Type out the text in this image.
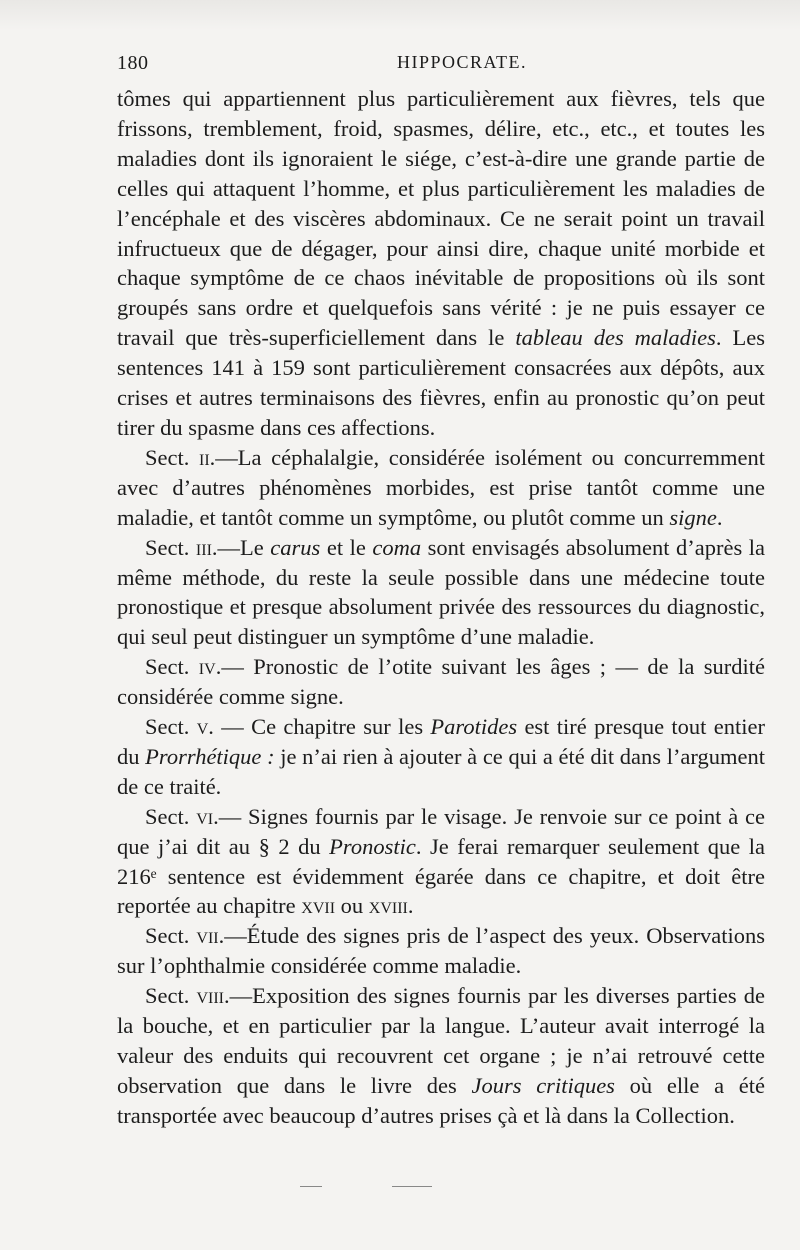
180	HIPPOCRATE.

tômes qui appartiennent plus particulièrement aux fièvres, tels que frissons, tremblement, froid, spasmes, délire, etc., etc., et toutes les maladies dont ils ignoraient le siége, c’est-à-dire une grande partie de celles qui attaquent l’homme, et plus particulièrement les maladies de l’encéphale et des viscères abdominaux. Ce ne serait point un travail infructueux que de dégager, pour ainsi dire, chaque unité morbide et chaque symptôme de ce chaos inévitable de propositions où ils sont groupés sans ordre et quelquefois sans vérité : je ne puis essayer ce travail que très-superficiellement dans le tableau des maladies. Les sentences 141 à 159 sont particulièrement consacrées aux dépôts, aux crises et autres terminaisons des fièvres, enfin au pronostic qu’on peut tirer du spasme dans ces affections.

Sect. ii.—La céphalalgie, considérée isolément ou concurremment avec d’autres phénomènes morbides, est prise tantôt comme une maladie, et tantôt comme un symptôme, ou plutôt comme un signe.

Sect. iii.—Le carus et le coma sont envisagés absolument d’après la même méthode, du reste la seule possible dans une médecine toute pronostique et presque absolument privée des ressources du diagnostic, qui seul peut distinguer un symptôme d’une maladie.

Sect. iv.— Pronostic de l’otite suivant les âges ; — de la surdité considérée comme signe.

Sect. v. — Ce chapitre sur les Parotides est tiré presque tout entier du Prorrhétique : je n’ai rien à ajouter à ce qui a été dit dans l’argument de ce traité.

Sect. vi.— Signes fournis par le visage. Je renvoie sur ce point à ce que j’ai dit au § 2 du Pronostic. Je ferai remarquer seulement que la 216ᵉ sentence est évidemment égarée dans ce chapitre, et doit être reportée au chapitre xvii ou xviii.

Sect. vii.—Étude des signes pris de l’aspect des yeux. Observations sur l’ophthalmie considérée comme maladie.

Sect. viii.—Exposition des signes fournis par les diverses parties de la bouche, et en particulier par la langue. L’auteur avait interrogé la valeur des enduits qui recouvrent cet organe ; je n’ai retrouvé cette observation que dans le livre des Jours critiques où elle a été transportée avec beaucoup d’autres prises çà et là dans la Collection.
